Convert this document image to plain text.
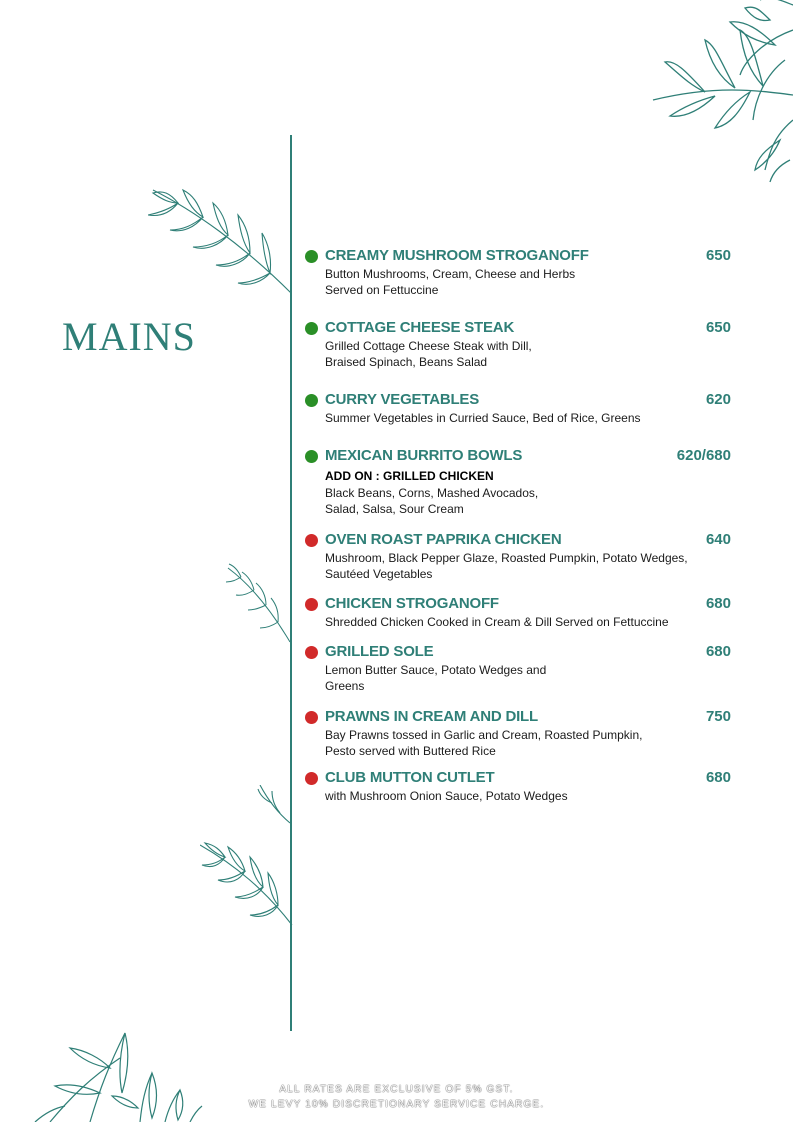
MAINS
CREAMY MUSHROOM STROGANOFF	650
Button Mushrooms, Cream, Cheese and Herbs
Served on Fettuccine
COTTAGE CHEESE STEAK	650
Grilled Cottage Cheese Steak with Dill,
Braised Spinach, Beans Salad
CURRY VEGETABLES	620
Summer Vegetables in Curried Sauce, Bed of Rice, Greens
MEXICAN BURRITO BOWLS	620/680
ADD ON : GRILLED CHICKEN
Black Beans, Corns, Mashed Avocados,
Salad, Salsa, Sour Cream
OVEN ROAST PAPRIKA CHICKEN	640
Mushroom, Black Pepper Glaze, Roasted Pumpkin, Potato Wedges,
Sautéed Vegetables
CHICKEN STROGANOFF	680
Shredded Chicken Cooked in Cream & Dill Served on Fettuccine
GRILLED SOLE	680
Lemon Butter Sauce, Potato Wedges and
Greens
PRAWNS IN CREAM AND DILL	750
Bay Prawns tossed in Garlic and Cream, Roasted Pumpkin,
Pesto served with Buttered Rice
CLUB MUTTON CUTLET	680
with Mushroom Onion Sauce, Potato Wedges
ALL RATES ARE EXCLUSIVE OF 5% GST.
WE LEVY 10% DISCRETIONARY SERVICE CHARGE.
